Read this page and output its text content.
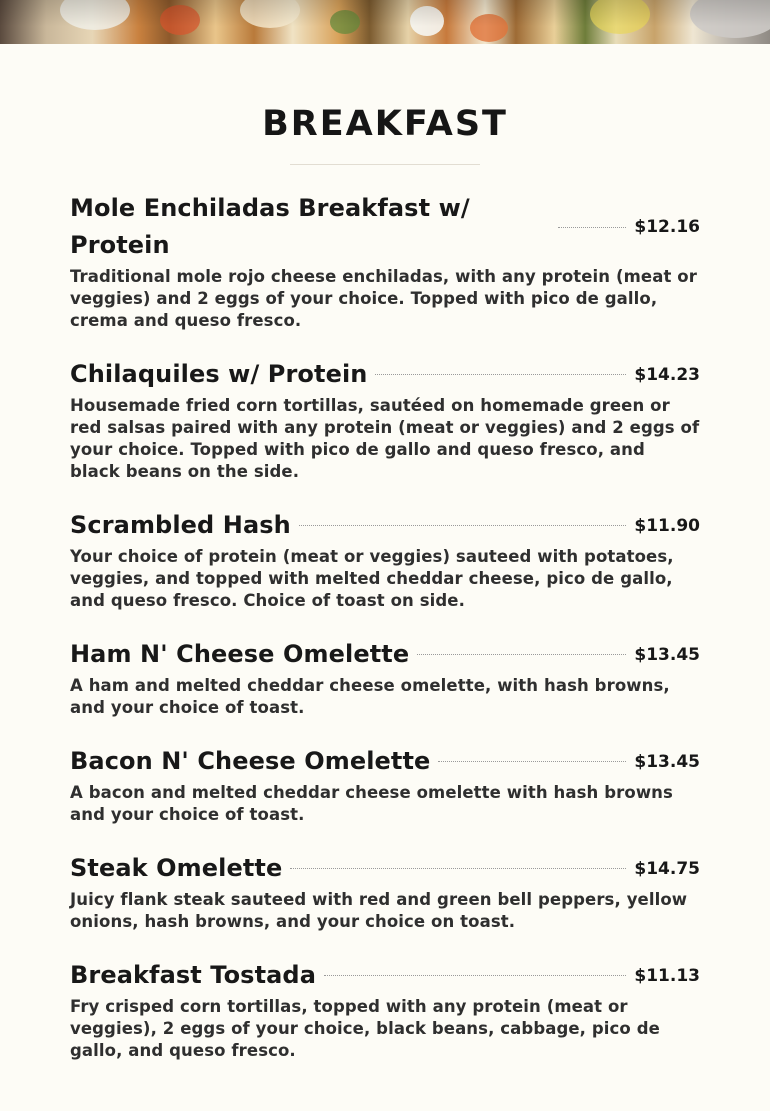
BREAKFAST
Mole Enchiladas Breakfast w/ Protein
$12.16
Traditional mole rojo cheese enchiladas, with any protein (meat or veggies) and 2 eggs of your choice. Topped with pico de gallo, crema and queso fresco.
Chilaquiles w/ Protein	$14.23
Housemade fried corn tortillas, sautéed on homemade green or red salsas paired with any protein (meat or veggies) and 2 eggs of your choice. Topped with pico de gallo and queso fresco, and black beans on the side.
Scrambled Hash	$11.90
Your choice of protein (meat or veggies) sauteed with potatoes, veggies, and topped with melted cheddar cheese, pico de gallo, and queso fresco. Choice of toast on side.
Ham N' Cheese Omelette	$13.45
A ham and melted cheddar cheese omelette, with hash browns, and your choice of toast.
Bacon N' Cheese Omelette	$13.45
A bacon and melted cheddar cheese omelette with hash browns and your choice of toast.
Steak Omelette	$14.75
Juicy flank steak sauteed with red and green bell peppers, yellow onions, hash browns, and your choice on toast.
Breakfast Tostada	$11.13
Fry crisped corn tortillas, topped with any protein (meat or veggies), 2 eggs of your choice, black beans, cabbage, pico de gallo, and queso fresco.
